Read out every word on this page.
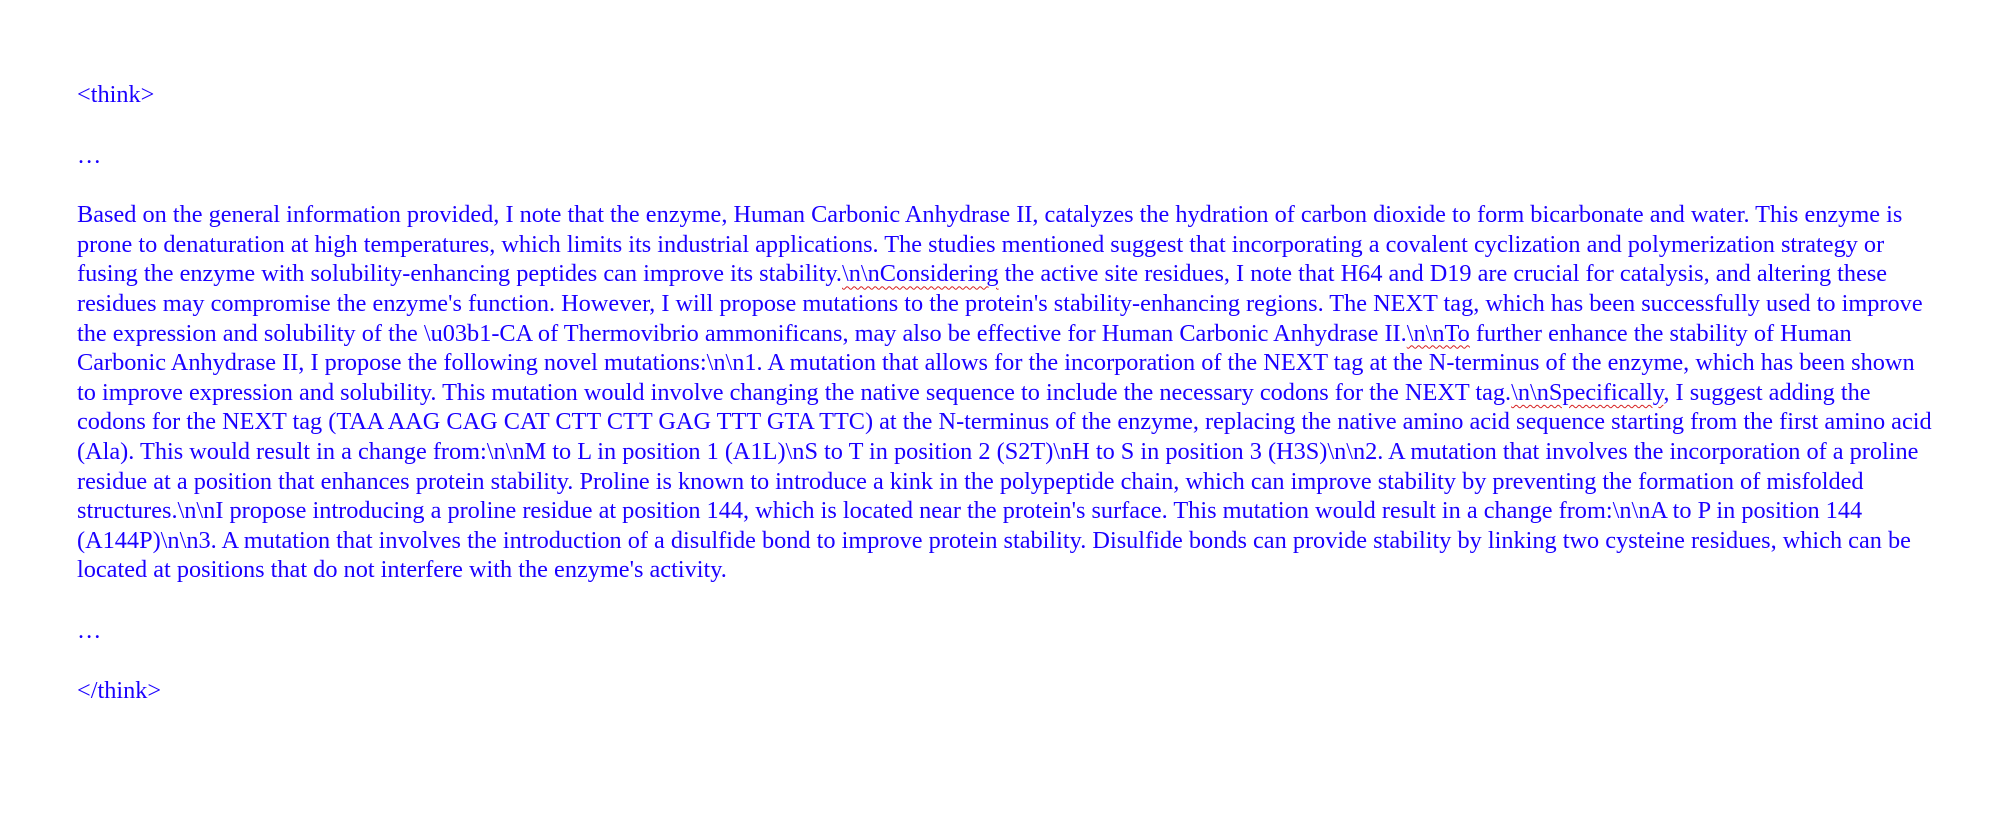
<think>

…

Based on the general information provided, I note that the enzyme, Human Carbonic Anhydrase II, catalyzes the hydration of carbon dioxide to form bicarbonate and water. This enzyme is prone to denaturation at high temperatures, which limits its industrial applications. The studies mentioned suggest that incorporating a covalent cyclization and polymerization strategy or fusing the enzyme with solubility-enhancing peptides can improve its stability.\n\nConsidering the active site residues, I note that H64 and D19 are crucial for catalysis, and altering these residues may compromise the enzyme's function. However, I will propose mutations to the protein's stability-enhancing regions. The NEXT tag, which has been successfully used to improve the expression and solubility of the \u03b1-CA of Thermovibrio ammonificans, may also be effective for Human Carbonic Anhydrase II.\n\nTo further enhance the stability of Human Carbonic Anhydrase II, I propose the following novel mutations:\n\n1. A mutation that allows for the incorporation of the NEXT tag at the N-terminus of the enzyme, which has been shown to improve expression and solubility. This mutation would involve changing the native sequence to include the necessary codons for the NEXT tag.\n\nSpecifically, I suggest adding the codons for the NEXT tag (TAA AAG CAG CAT CTT CTT GAG TTT GTA TTC) at the N-terminus of the enzyme, replacing the native amino acid sequence starting from the first amino acid (Ala). This would result in a change from:\n\nM to L in position 1 (A1L)\nS to T in position 2 (S2T)\nH to S in position 3 (H3S)\n\n2. A mutation that involves the incorporation of a proline residue at a position that enhances protein stability. Proline is known to introduce a kink in the polypeptide chain, which can improve stability by preventing the formation of misfolded structures.\n\nI propose introducing a proline residue at position 144, which is located near the protein's surface. This mutation would result in a change from:\n\nA to P in position 144 (A144P)\n\n3. A mutation that involves the introduction of a disulfide bond to improve protein stability. Disulfide bonds can provide stability by linking two cysteine residues, which can be located at positions that do not interfere with the enzyme's activity.

…

</think>
